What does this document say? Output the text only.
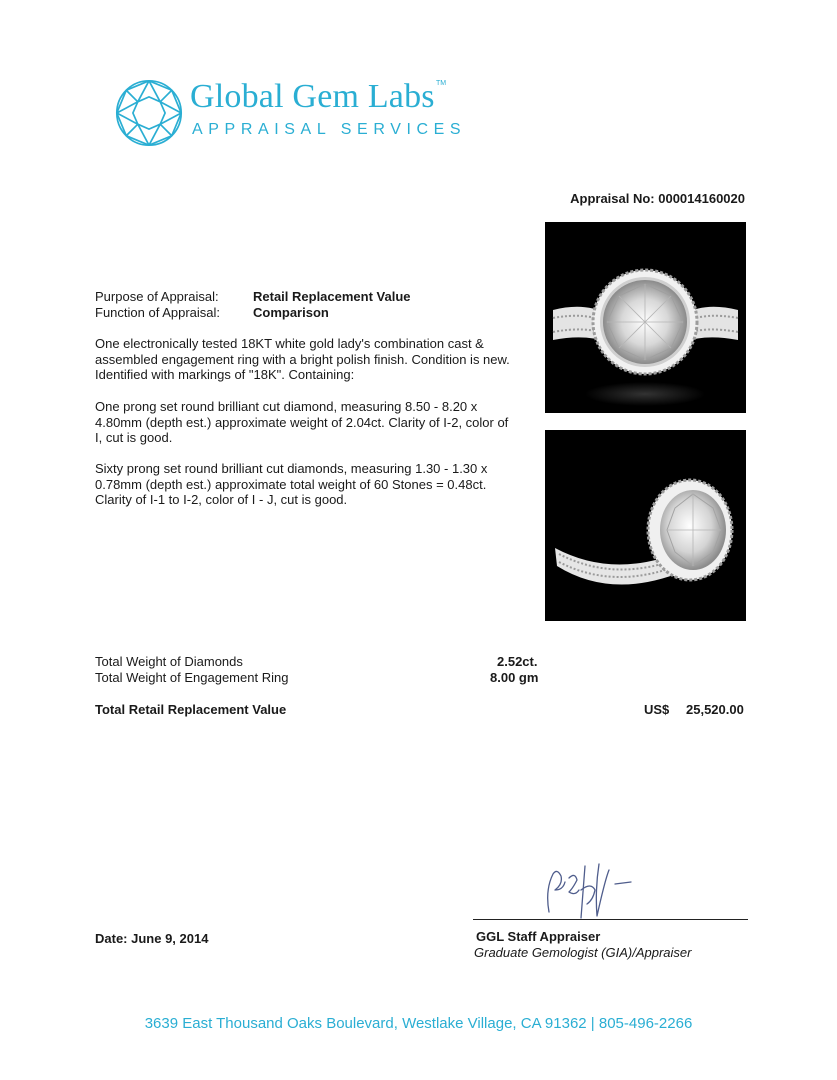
Global Gem Labs TM
APPRAISAL SERVICES
Appraisal No: 000014160020
Purpose of Appraisal:	Retail Replacement Value
Function of Appraisal:	Comparison
One electronically tested 18KT white gold lady's combination cast & assembled engagement ring with a bright polish finish. Condition is new. Identified with markings of "18K". Containing:
One prong set round brilliant cut diamond, measuring 8.50 - 8.20 x 4.80mm (depth est.) approximate weight of 2.04ct. Clarity of I-2, color of I, cut is good.
Sixty prong set round brilliant cut diamonds, measuring 1.30 - 1.30 x 0.78mm (depth est.) approximate total weight of 60 Stones = 0.48ct. Clarity of I-1 to I-2, color of I - J, cut is good.
Total Weight of Diamonds	2.52ct.
Total Weight of Engagement Ring	8.00 gm
Total Retail Replacement Value	US$ 25,520.00
Date: June 9, 2014	GGL Staff Appraiser
Graduate Gemologist (GIA)/Appraiser
3639 East Thousand Oaks Boulevard, Westlake Village, CA 91362 | 805-496-2266
